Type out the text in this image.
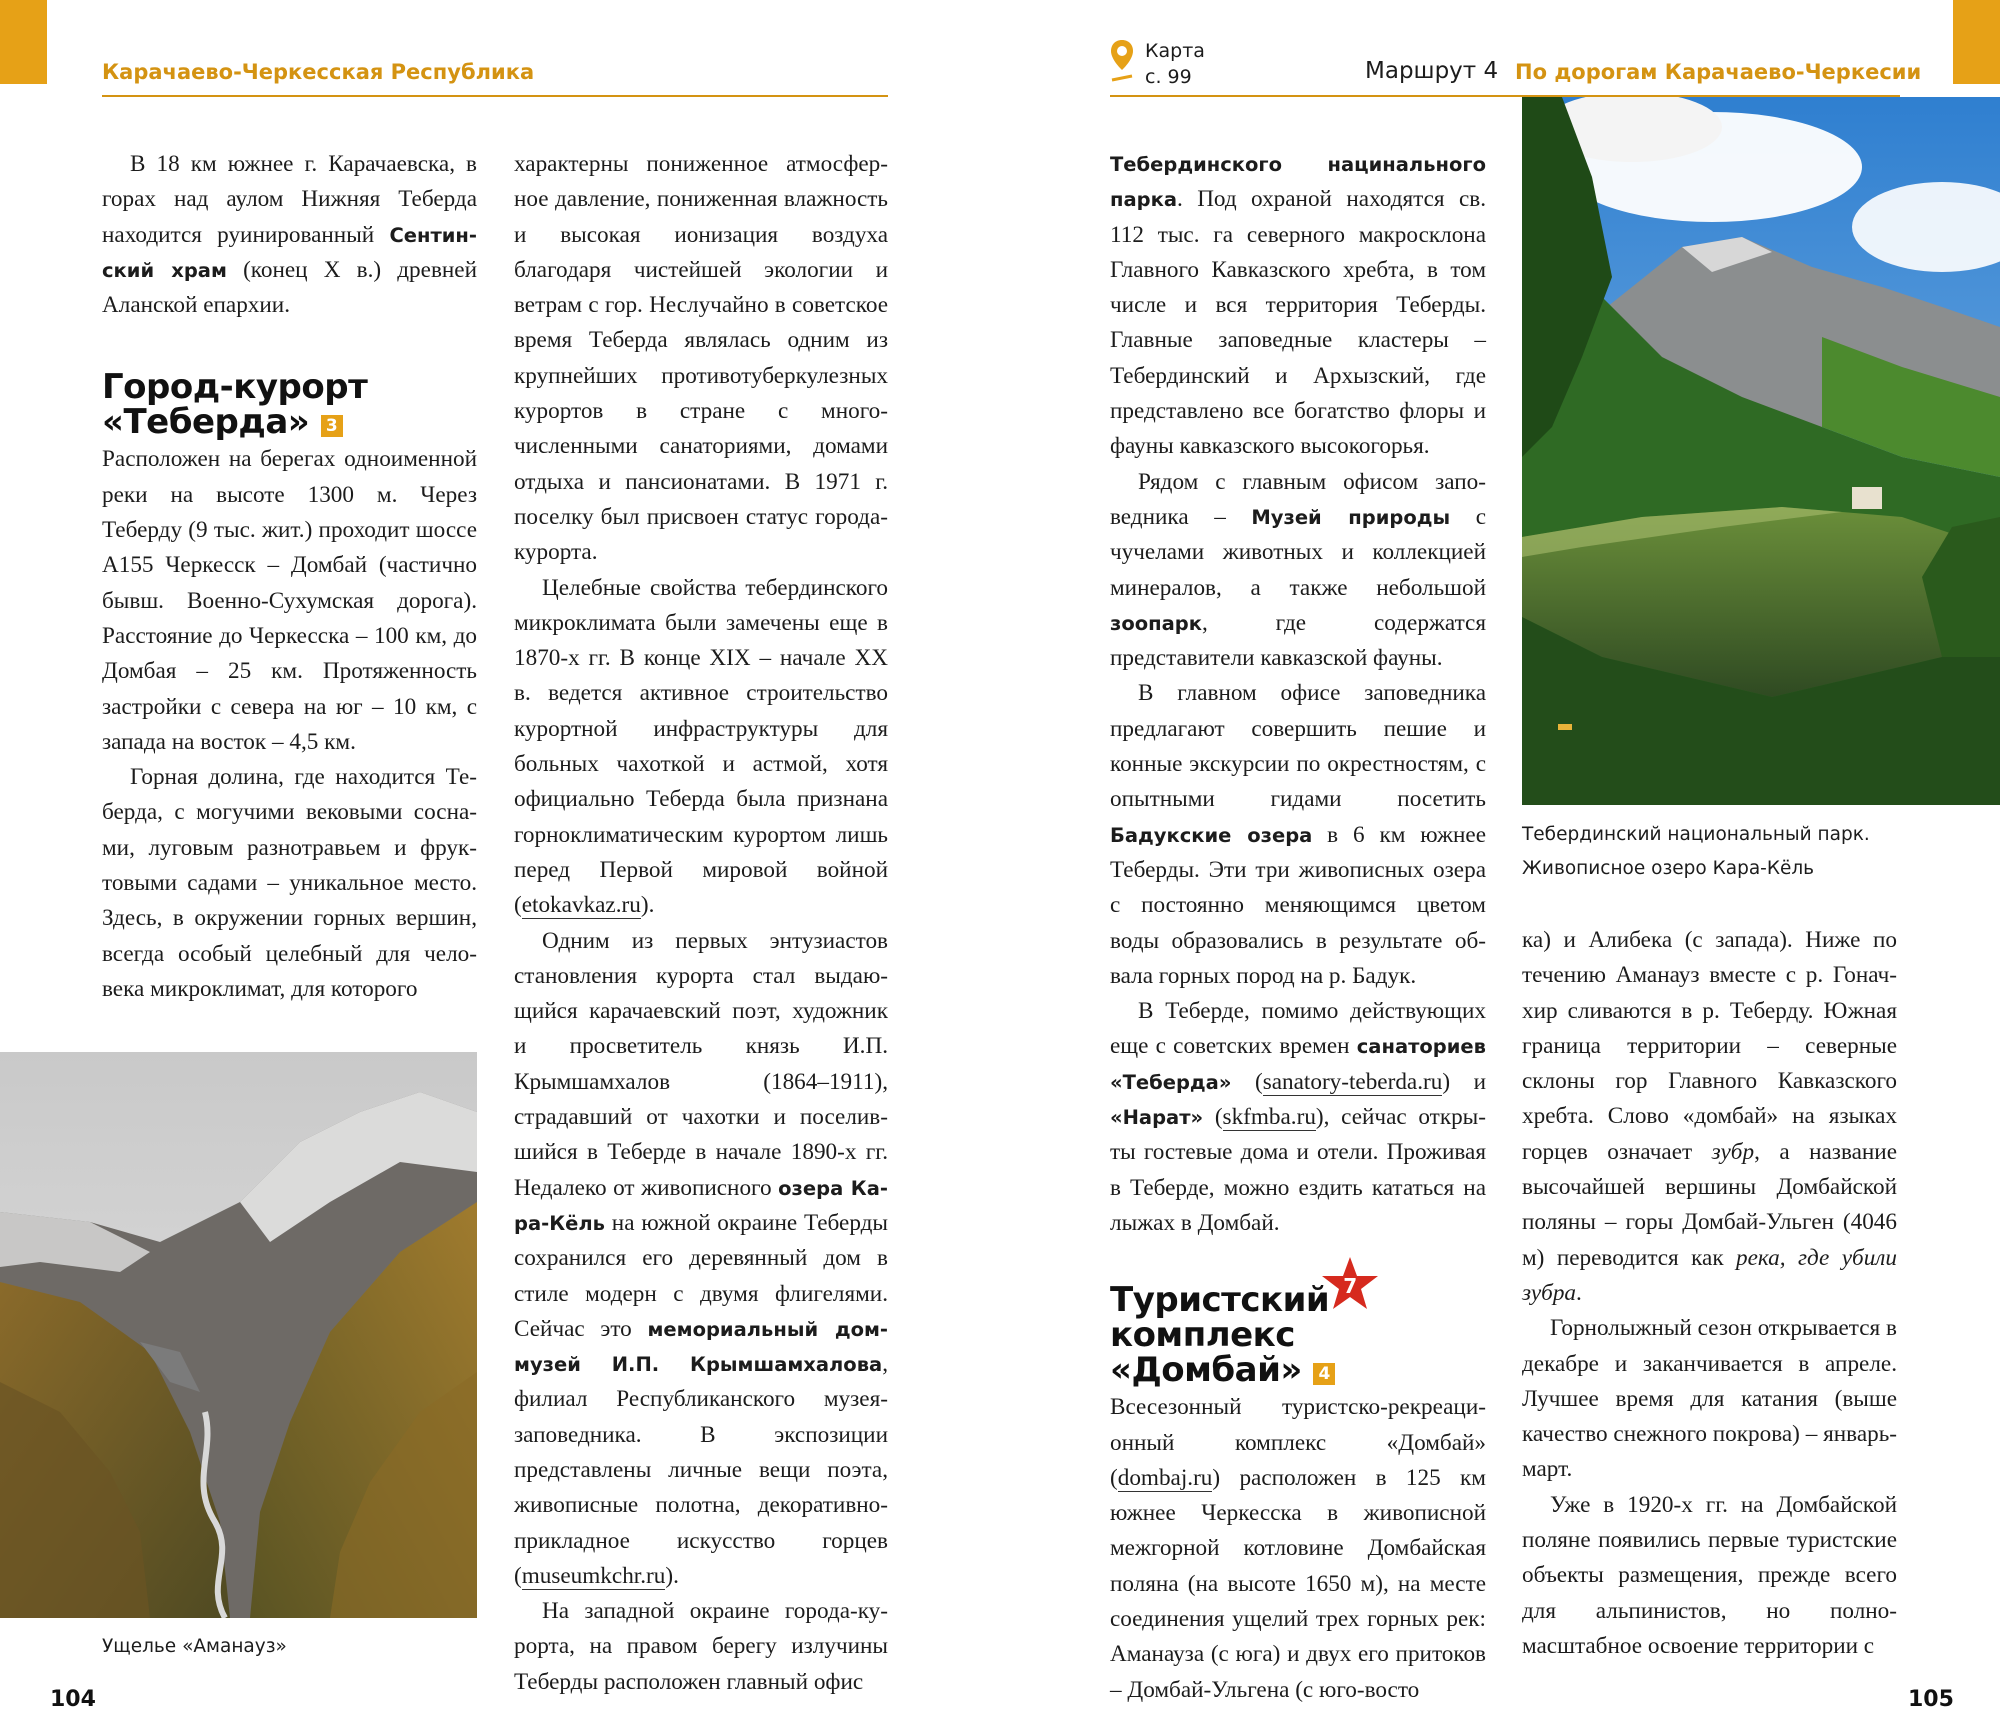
Карачаево-Черкесская Республика

В 18 км южнее г. Карачаевска, в горах над аулом Нижняя Теберда находится руинированный Сентинский храм (конец X в.) древней Аланской епархии.

Город-курорт «Теберда» 3

Расположен на берегах одноименной реки на высоте 1300 м. Через Теберду (9 тыс. жит.) проходит шоссе А155 Черкесск – Домбай (частично бывш. Военно-Сухумская дорога). Расстояние до Черкесска – 100 км, до Домбая – 25 км. Протяженность застройки с севера на юг – 10 км, с запада на восток – 4,5 км.

Горная долина, где находится Теберда, с могучими вековыми соснами, луговым разнотравьем и фруктовыми садами – уникальное место. Здесь, в окружении горных вершин, всегда особый целебный для человека микроклимат, для которого

Ущелье «Аманауз»

характерны пониженное атмосферное давление, пониженная влажность и высокая ионизация воздуха благодаря чистейшей экологии и ветрам с гор. Неслучайно в советское время Теберда являлась одним из крупнейших противотуберкулезных курортов в стране с многочисленными санаториями, домами отдыха и пансионатами. В 1971 г. поселку был присвоен статус города-курорта.

Целебные свойства тебердинского микроклимата были замечены еще в 1870-х гг. В конце XIX – начале XX в. ведется активное строительство курортной инфраструктуры для больных чахоткой и астмой, хотя официально Теберда была признана горноклиматическим курортом лишь перед Первой мировой войной (etokavkaz.ru).

Одним из первых энтузиастов становления курорта стал выдающийся карачаевский поэт, художник и просветитель князь И.П. Крымшамхалов (1864–1911), страдавший от чахотки и поселившийся в Теберде в начале 1890-х гг. Недалеко от живописного озера Кара-Кёль на южной окраине Теберды сохранился его деревянный дом в стиле модерн с двумя флигелями. Сейчас это мемориальный дом-музей И.П. Крымшамхалова, филиал Республиканского музея-заповедника. В экспозиции представлены личные вещи поэта, живописные полотна, декоративно-прикладное искусство горцев (museumkchr.ru).

На западной окраине города-курорта, на правом берегу излучины Теберды расположен главный офис

104
Карта
с. 99	Маршрут 4 По дорогам Карачаево-Черкесии

Тебердинского нацинального парка. Под охраной находятся св. 112 тыс. га северного макросклона Главного Кавказского хребта, в том числе и вся территория Теберды. Главные заповедные кластеры – Тебердинский и Архызский, где представлено все богатство флоры и фауны кавказского высокогорья.

Рядом с главным офисом заповедника – Музей природы с чучелами животных и коллекцией минералов, а также небольшой зоопарк, где содержатся представители кавказской фауны.

В главном офисе заповедника предлагают совершить пешие и конные экскурсии по окрестностям, с опытными гидами посетить Бадукские озера в 6 км южнее Теберды. Эти три живописных озера с постоянно меняющимся цветом воды образовались в результате обвала горных пород на р. Бадук.

В Теберде, помимо действующих еще с советских времен санаториев «Теберда» (sanatory-teberda.ru) и «Нарат» (skfmba.ru), сейчас открыты гостевые дома и отели. Проживая в Теберде, можно ездить кататься на лыжах в Домбай.

Туристский
комплекс «Домбай» 4
7

Всесезонный туристско-рекреационный комплекс «Домбай» (dombaj.ru) расположен в 125 км южнее Черкесска в живописной межгорной котловине Домбайская поляна (на высоте 1650 м), на месте соединения ущелий трех горных рек: Аманауза (с юга) и двух его притоков – Домбай-Ульгена (с юго-восто

Тебердинский национальный парк.
Живописное озеро Кара-Кёль

ка) и Алибека (с запада). Ниже по течению Аманауз вместе с р. Гоначхир сливаются в р. Теберду. Южная граница территории – северные склоны гор Главного Кавказского хребта. Слово «домбай» на языках горцев означает зубр, а название высочайшей вершины Домбайской поляны – горы Домбай-Ульген (4046 м) переводится как река, где убили зубра.

Горнолыжный сезон открывается в декабре и заканчивается в апреле. Лучшее время для катания (выше качество снежного покрова) – январь-март.

Уже в 1920-х гг. на Домбайской поляне появились первые туристские объекты размещения, прежде всего для альпинистов, но полномасштабное освоение территории с

105
